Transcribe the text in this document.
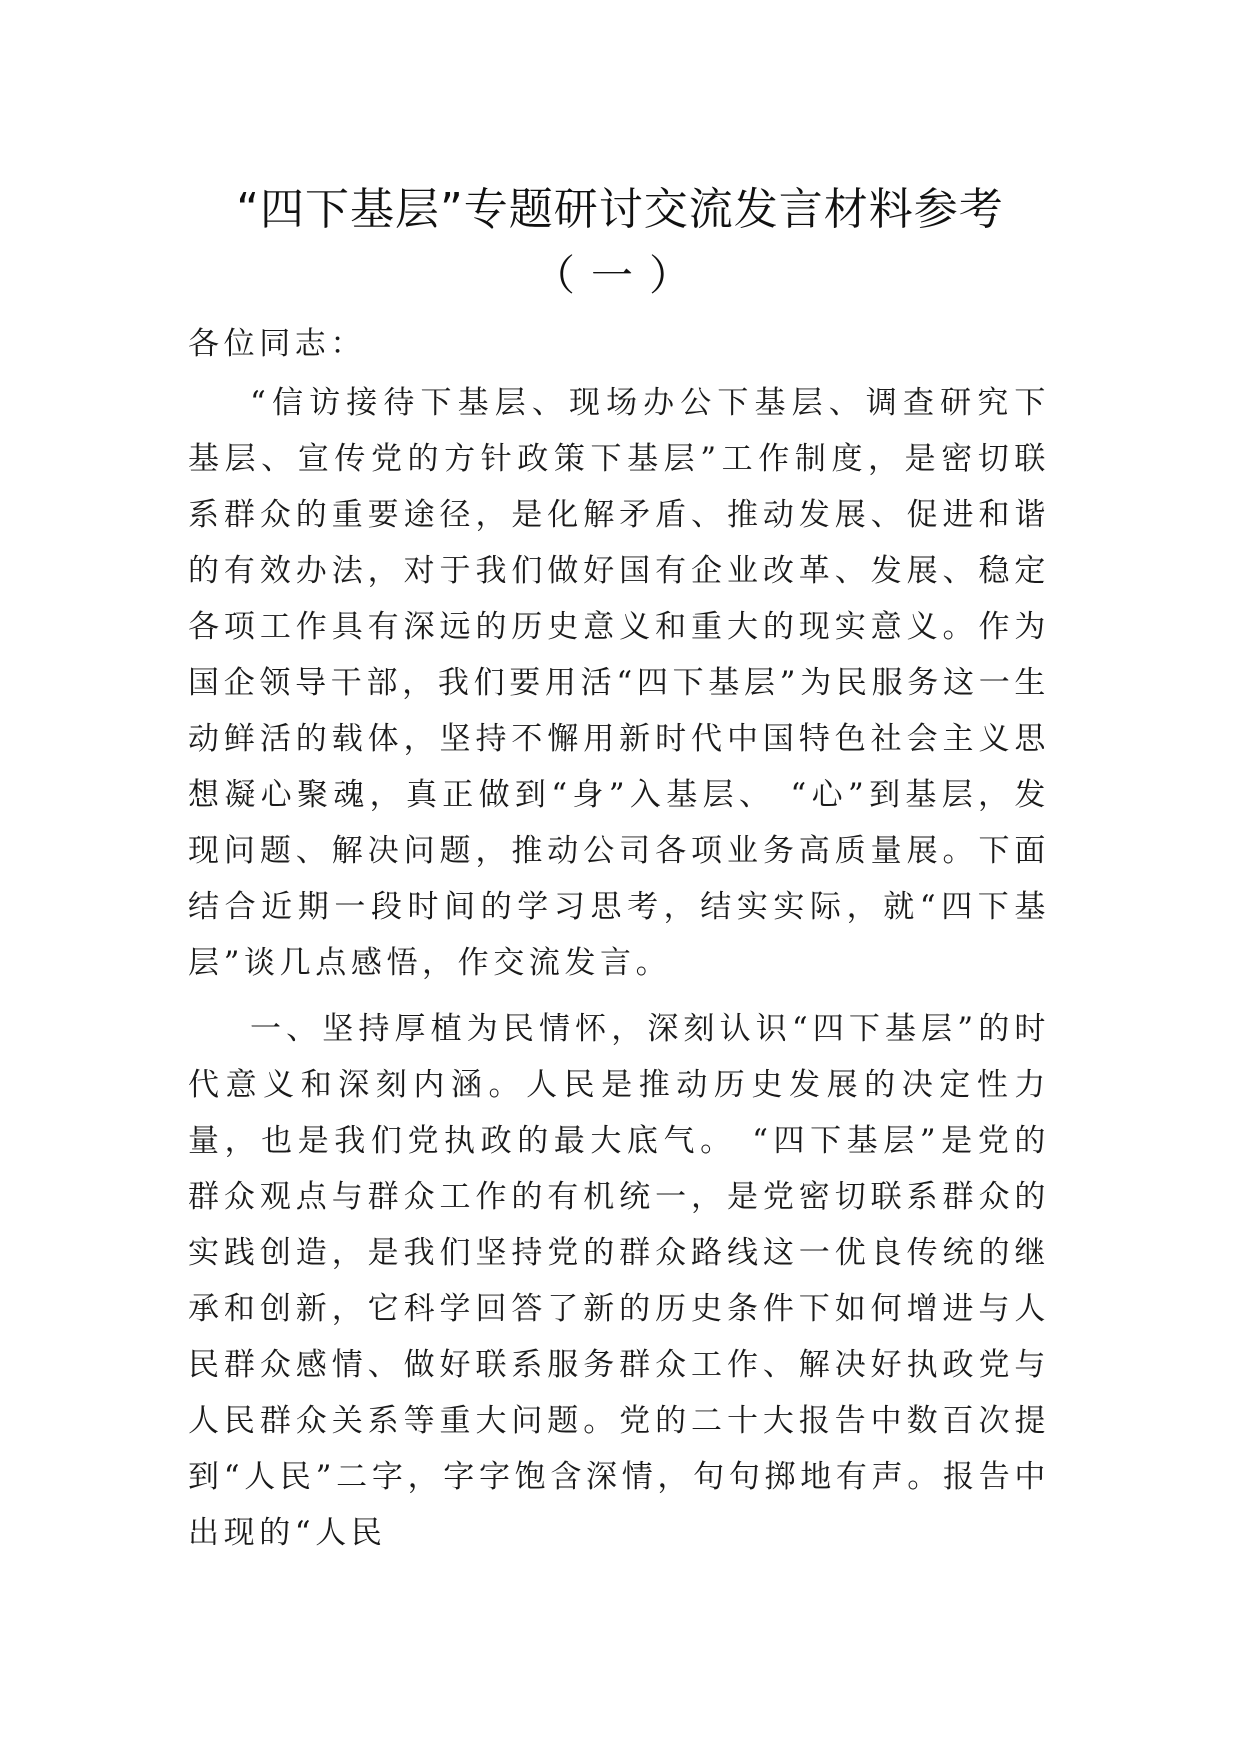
“四下基层”专题研讨交流发言材料参考
（一）

各位同志：

“信访接待下基层、现场办公下基层、调查研究下基层、宣传党的方针政策下基层”工作制度，是密切联系群众的重要途径，是化解矛盾、推动发展、促进和谐的有效办法，对于我们做好国有企业改革、发展、稳定各项工作具有深远的历史意义和重大的现实意义。作为国企领导干部，我们要用活“四下基层”为民服务这一生动鲜活的载体，坚持不懈用新时代中国特色社会主义思想凝心聚魂，真正做到“身”入基层、 “心”到基层，发现问题、解决问题，推动公司各项业务高质量展。下面结合近期一段时间的学习思考，结实实际，就“四下基层”谈几点感悟，作交流发言。

一、坚持厚植为民情怀，深刻认识“四下基层”的时代意义和深刻内涵。人民是推动历史发展的决定性力量，也是我们党执政的最大底气。 “四下基层”是党的群众观点与群众工作的有机统一，是党密切联系群众的实践创造，是我们坚持党的群众路线这一优良传统的继承和创新，它科学回答了新的历史条件下如何增进与人民群众感情、做好联系服务群众工作、解决好执政党与人民群众关系等重大问题。党的二十大报告中数百次提到“人民”二字，字字饱含深情，句句掷地有声。报告中出现的“人民
